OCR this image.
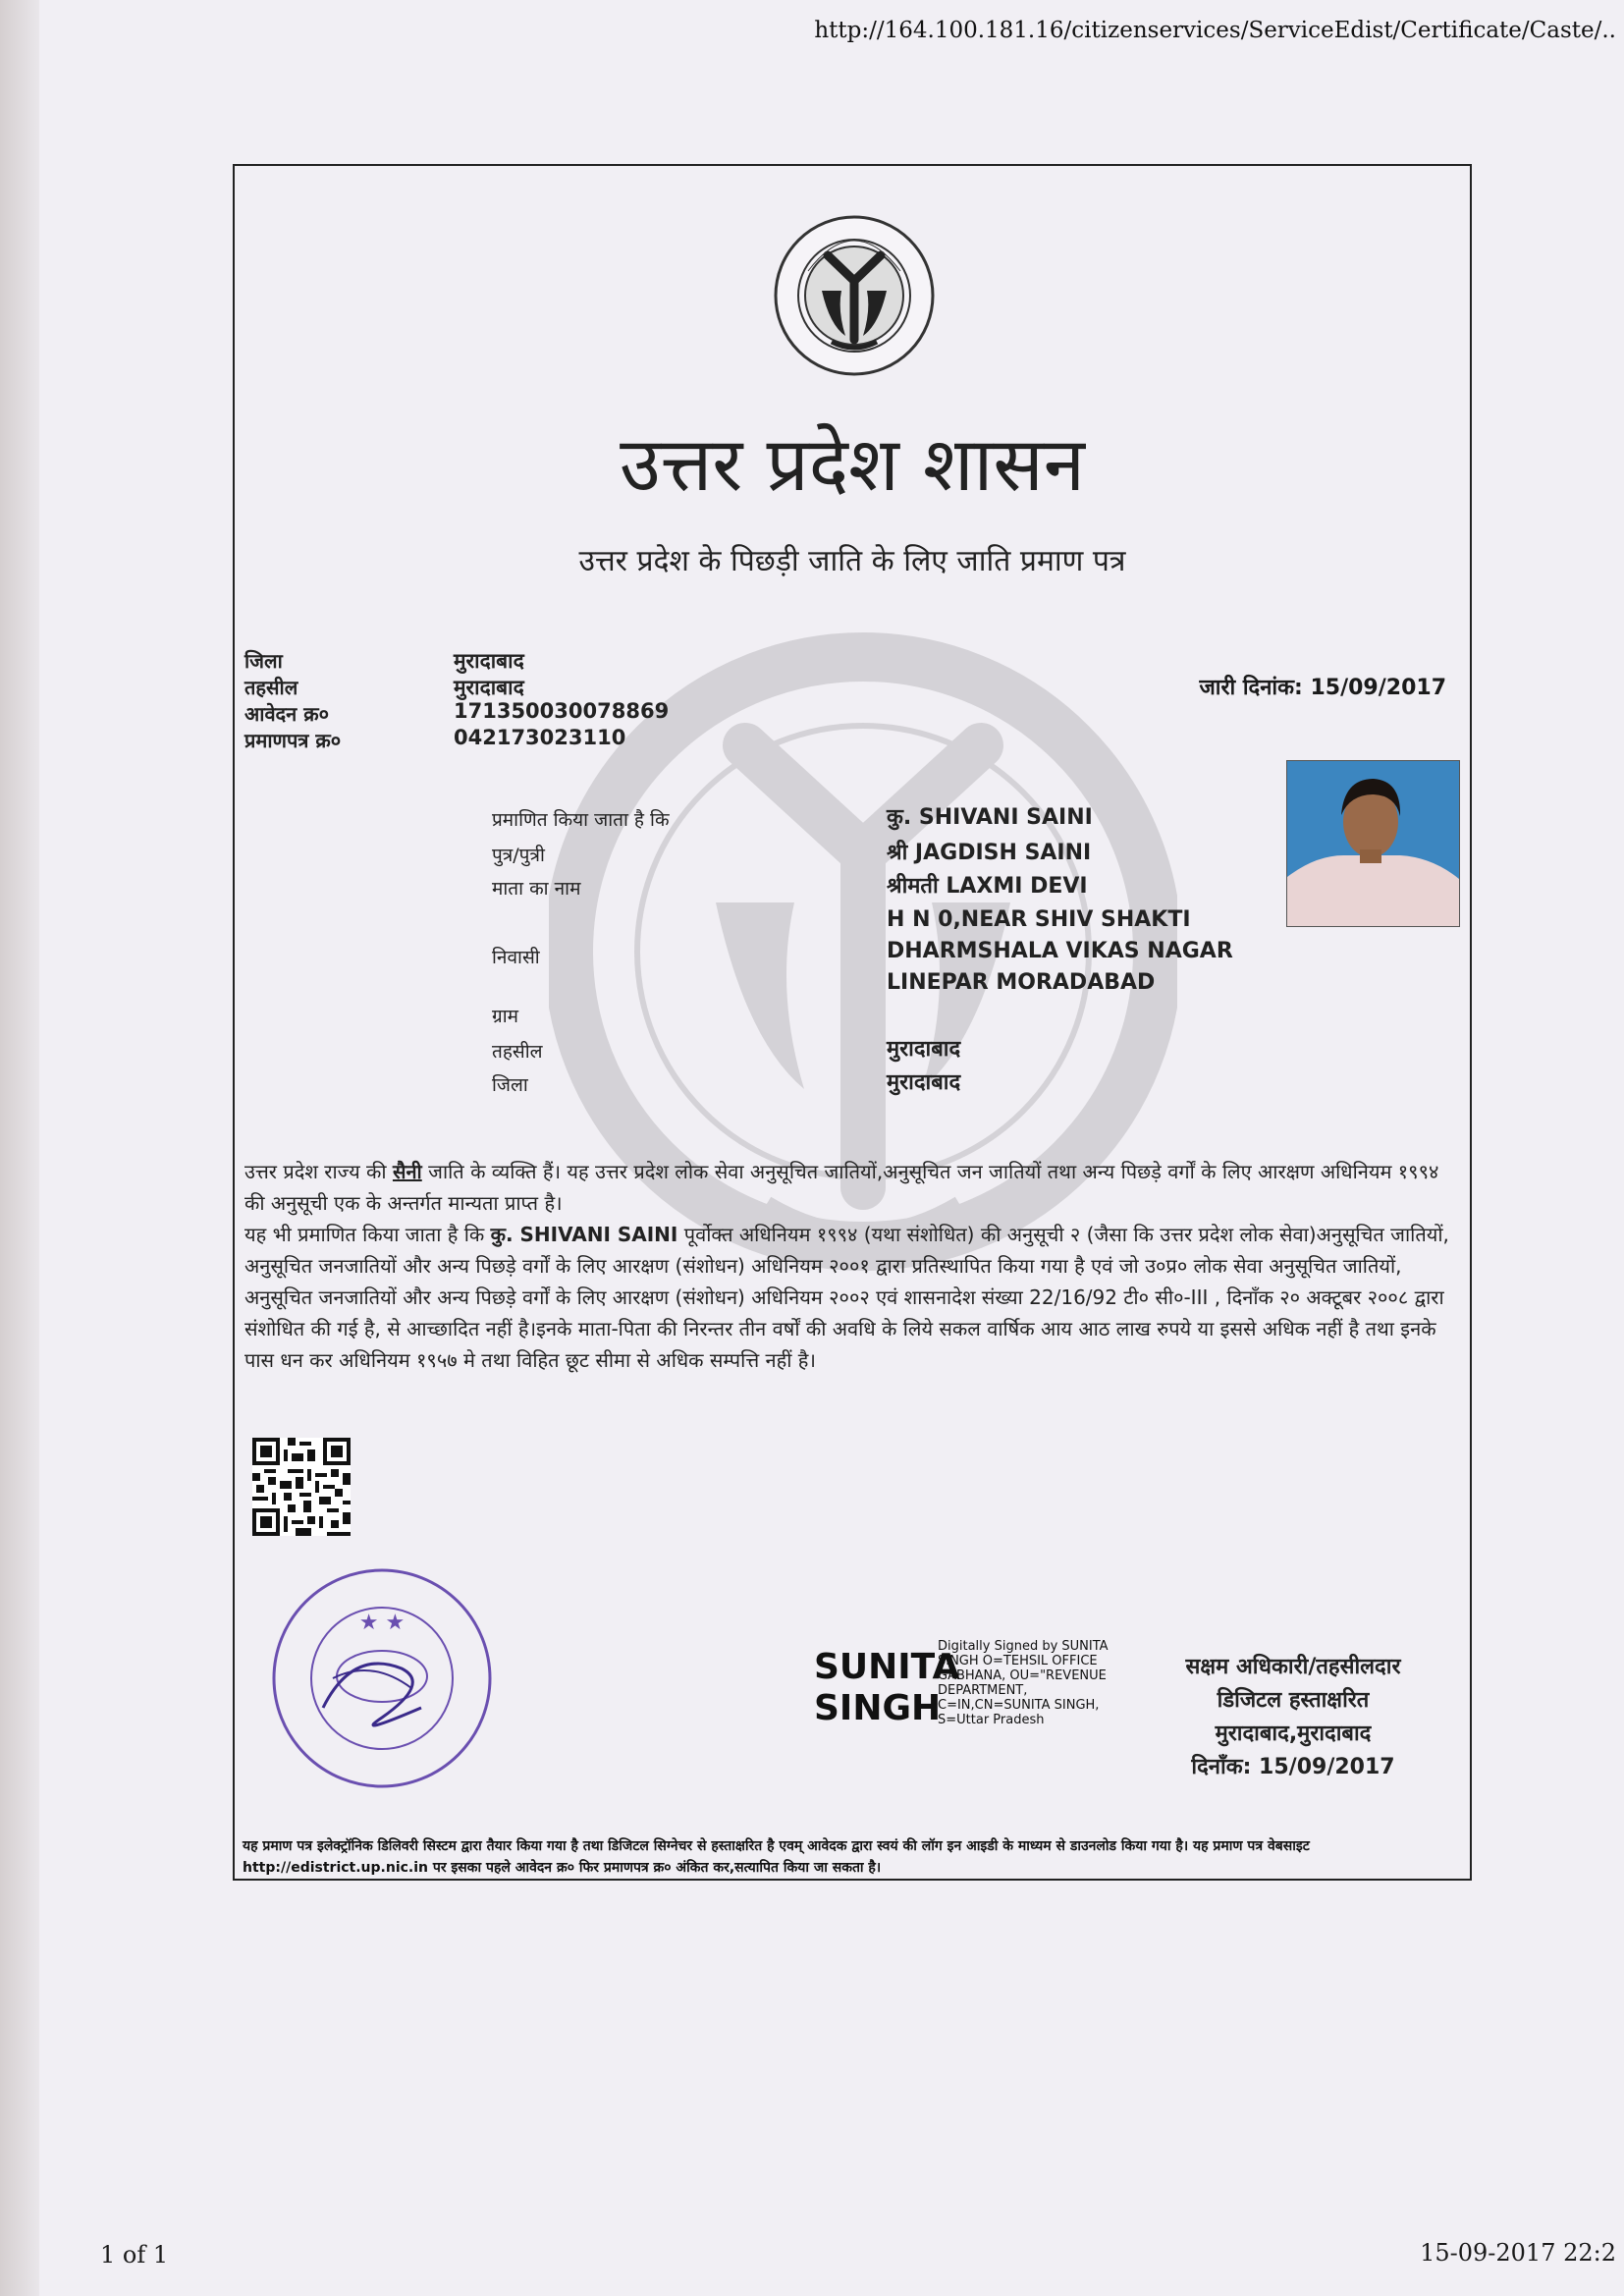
http://164.100.181.16/citizenservices/ServiceEdist/Certificate/Caste/..
उत्तर प्रदेश शासन
उत्तर प्रदेश के पिछड़ी जाति के लिए जाति प्रमाण पत्र
जिला	मुरादाबाद
तहसील	मुरादाबाद
आवेदन क्र०	171350030078869
प्रमाणपत्र क्र०	042173023110
जारी दिनांक: 15/09/2017
प्रमाणित किया जाता है कि	कु. SHIVANI SAINI
पुत्र/पुत्री	श्री JAGDISH SAINI
माता का नाम	श्रीमती LAXMI DEVI
H N 0,NEAR SHIV SHAKTI
निवासी	DHARMSHALA VIKAS NAGAR
LINEPAR MORADABAD
ग्राम
तहसील	मुरादाबाद
जिला	मुरादाबाद

उत्तर प्रदेश राज्य की सैनी जाति के व्यक्ति हैं। यह उत्तर प्रदेश लोक सेवा अनुसूचित जातियों,अनुसूचित जन जातियों तथा अन्य पिछड़े वर्गों के लिए आरक्षण अधिनियम १९९४ की अनुसूची एक के अन्तर्गत मान्यता प्राप्त है।

यह भी प्रमाणित किया जाता है कि कु. SHIVANI SAINI पूर्वोक्त अधिनियम १९९४ (यथा संशोधित) की अनुसूची २ (जैसा कि उत्तर प्रदेश लोक सेवा)अनुसूचित जातियों, अनुसूचित जनजातियों और अन्य पिछड़े वर्गों के लिए आरक्षण (संशोधन) अधिनियम २००१ द्वारा प्रतिस्थापित किया गया है एवं जो उ०प्र० लोक सेवा अनुसूचित जातियों, अनुसूचित जनजातियों और अन्य पिछड़े वर्गों के लिए आरक्षण (संशोधन) अधिनियम २००२ एवं शासनादेश संख्या 22/16/92 टी० सी०-III , दिनाँक २० अक्टूबर २००८ द्वारा संशोधित की गई है, से आच्छादित नहीं है।इनके माता-पिता की निरन्तर तीन वर्षों की अवधि के लिये सकल वार्षिक आय आठ लाख रुपये या इससे अधिक नहीं है तथा इनके पास धन कर अधिनियम १९५७ मे तथा विहित छूट सीमा से अधिक सम्पत्ति नहीं है।

★ ★
SUNITA
SINGH
Digitally Signed by SUNITA SINGH O=TEHSIL OFFICE GABHANA, OU="REVENUE DEPARTMENT, C=IN,CN=SUNITA SINGH, S=Uttar Pradesh
सक्षम अधिकारी/तहसीलदार
डिजिटल हस्ताक्षरित
मुरादाबाद,मुरादाबाद
दिनाँक: 15/09/2017
यह प्रमाण पत्र इलेक्ट्रॉनिक डिलिवरी सिस्टम द्वारा तैयार किया गया है तथा डिजिटल सिग्नेचर से हस्ताक्षरित है एवम् आवेदक द्वारा स्वयं की लॉग इन आइडी के माध्यम से डाउनलोड किया गया है। यह प्रमाण पत्र वेबसाइट http://edistrict.up.nic.in पर इसका पहले आवेदन क्र० फिर प्रमाणपत्र क्र० अंकित कर,सत्यापित किया जा सकता है।
1 of 1	15-09-2017 22:2
